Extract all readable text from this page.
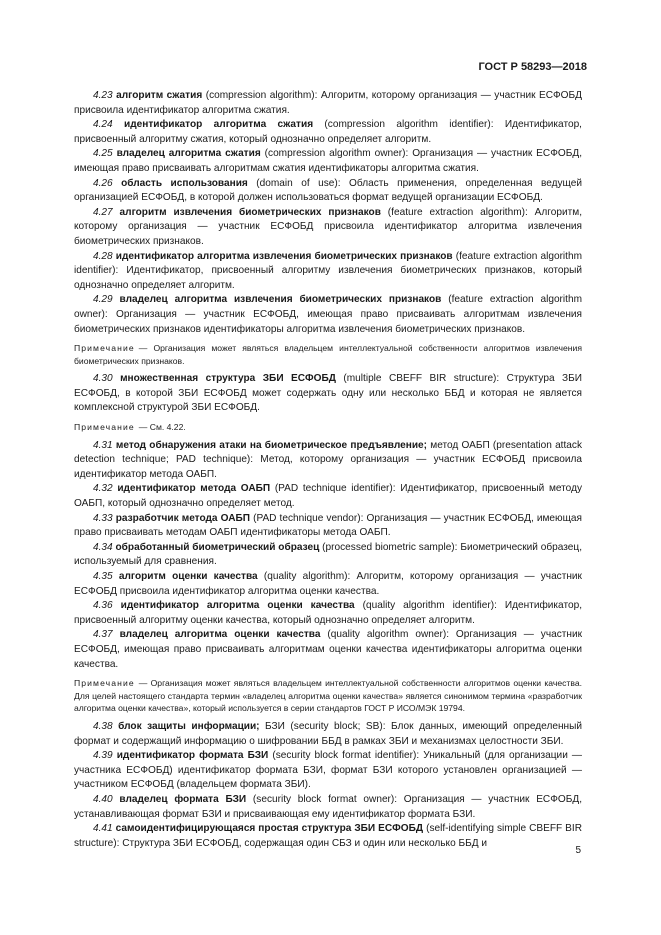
ГОСТ Р 58293—2018

4.23 алгоритм сжатия (compression algorithm): Алгоритм, которому организация — участник ЕСФОБД присвоила идентификатор алгоритма сжатия.

4.24 идентификатор алгоритма сжатия (compression algorithm identifier): Идентификатор, присвоенный алгоритму сжатия, который однозначно определяет алгоритм.

4.25 владелец алгоритма сжатия (compression algorithm owner): Организация — участник ЕСФОБД, имеющая право присваивать алгоритмам сжатия идентификаторы алгоритма сжатия.

4.26 область использования (domain of use): Область применения, определенная ведущей организацией ЕСФОБД, в которой должен использоваться формат ведущей организации ЕСФОБД.

4.27 алгоритм извлечения биометрических признаков (feature extraction algorithm): Алгоритм, которому организация — участник ЕСФОБД присвоила идентификатор алгоритма извлечения биометрических признаков.

4.28 идентификатор алгоритма извлечения биометрических признаков (feature extraction algorithm identifier): Идентификатор, присвоенный алгоритму извлечения биометрических признаков, который однозначно определяет алгоритм.

4.29 владелец алгоритма извлечения биометрических признаков (feature extraction algorithm owner): Организация — участник ЕСФОБД, имеющая право присваивать алгоритмам извлечения биометрических признаков идентификаторы алгоритма извлечения биометрических признаков.

Примечание — Организация может являться владельцем интеллектуальной собственности алгоритмов извлечения биометрических признаков.

4.30 множественная структура ЗБИ ЕСФОБД (multiple CBEFF BIR structure): Структура ЗБИ ЕСФОБД, в которой ЗБИ ЕСФОБД может содержать одну или несколько ББД и которая не является комплексной структурой ЗБИ ЕСФОБД.

Примечание — См. 4.22.

4.31 метод обнаружения атаки на биометрическое предъявление; метод ОАБП (presentation attack detection technique; PAD technique): Метод, которому организация — участник ЕСФОБД присвоила идентификатор метода ОАБП.

4.32 идентификатор метода ОАБП (PAD technique identifier): Идентификатор, присвоенный методу ОАБП, который однозначно определяет метод.

4.33 разработчик метода ОАБП (PAD technique vendor): Организация — участник ЕСФОБД, имеющая право присваивать методам ОАБП идентификаторы метода ОАБП.

4.34 обработанный биометрический образец (processed biometric sample): Биометрический образец, используемый для сравнения.

4.35 алгоритм оценки качества (quality algorithm): Алгоритм, которому организация — участник ЕСФОБД присвоила идентификатор алгоритма оценки качества.

4.36 идентификатор алгоритма оценки качества (quality algorithm identifier): Идентификатор, присвоенный алгоритму оценки качества, который однозначно определяет алгоритм.

4.37 владелец алгоритма оценки качества (quality algorithm owner): Организация — участник ЕСФОБД, имеющая право присваивать алгоритмам оценки качества идентификаторы алгоритма оценки качества.

Примечание — Организация может являться владельцем интеллектуальной собственности алгоритмов оценки качества. Для целей настоящего стандарта термин «владелец алгоритма оценки качества» является синонимом термина «разработчик алгоритма оценки качества», который используется в серии стандартов ГОСТ Р ИСО/МЭК 19794.

4.38 блок защиты информации; БЗИ (security block; SB): Блок данных, имеющий определенный формат и содержащий информацию о шифровании ББД в рамках ЗБИ и механизмах целостности ЗБИ.

4.39 идентификатор формата БЗИ (security block format identifier): Уникальный (для организации — участника ЕСФОБД) идентификатор формата БЗИ, формат БЗИ которого установлен организацией — участником ЕСФОБД (владельцем формата ЗБИ).

4.40 владелец формата БЗИ (security block format owner): Организация — участник ЕСФОБД, устанавливающая формат БЗИ и присваивающая ему идентификатор формата БЗИ.

4.41 самоидентифицирующаяся простая структура ЗБИ ЕСФОБД (self-identifying simple CBEFF BIR structure): Структура ЗБИ ЕСФОБД, содержащая один СБЗ и один или несколько ББД и

5
